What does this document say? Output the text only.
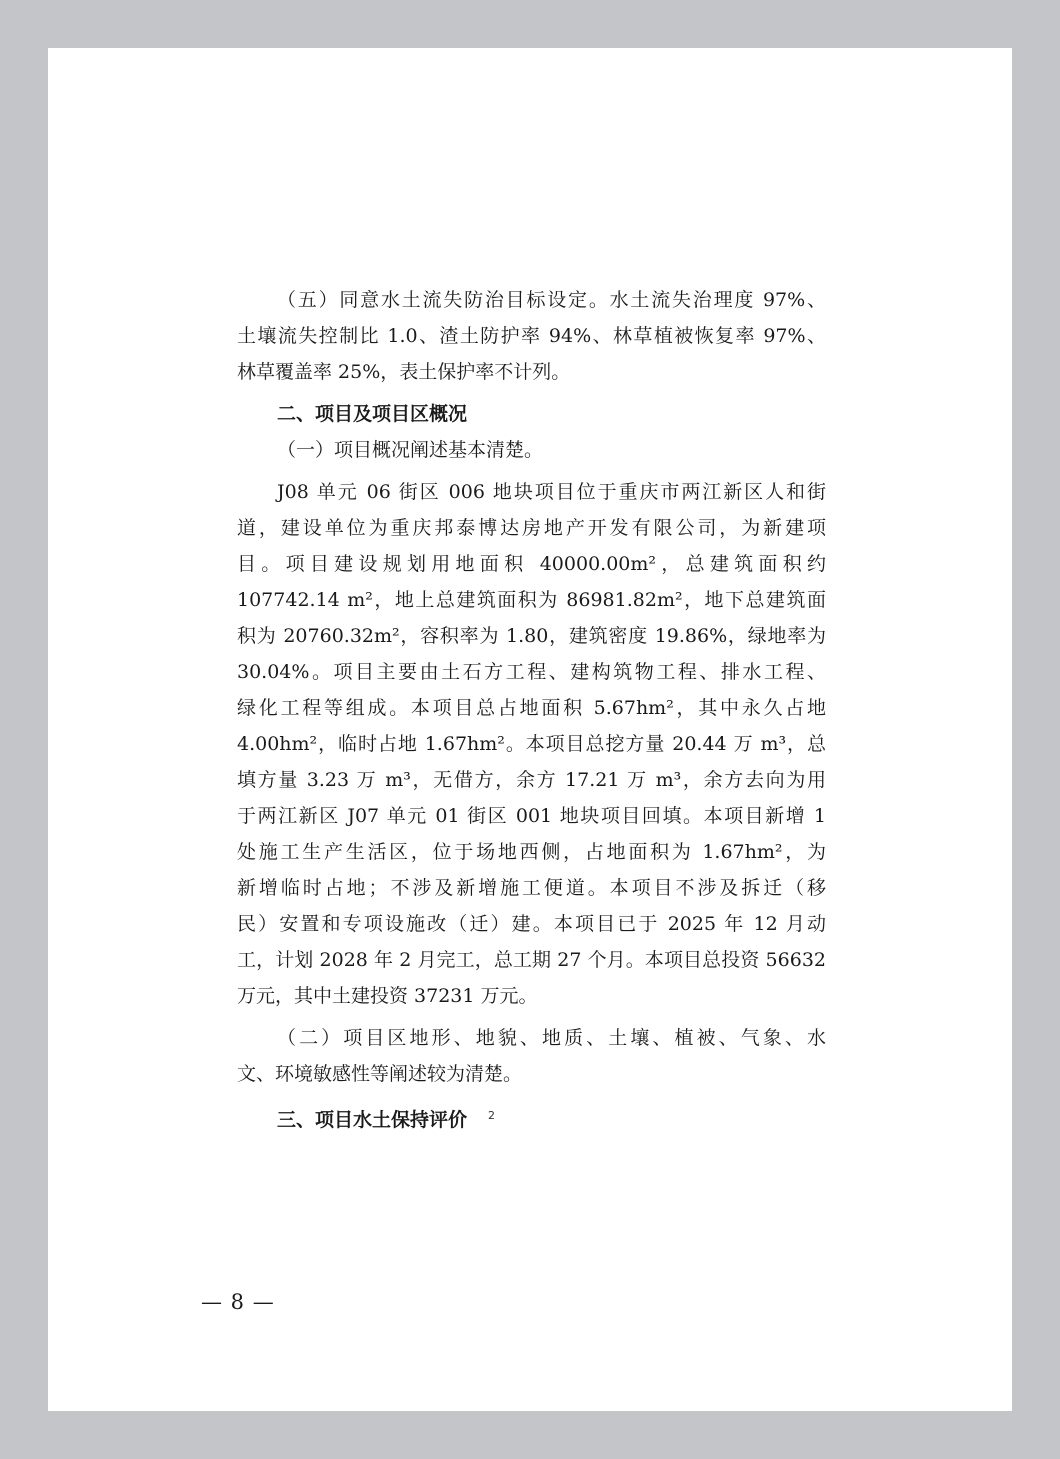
（五）同意水土流失防治目标设定。水土流失治理度 97%、
土壤流失控制比 1.0、渣土防护率 94%、林草植被恢复率 97%、
林草覆盖率 25%，表土保护率不计列。
二、项目及项目区概况
（一）项目概况阐述基本清楚。
J08 单元 06 街区 006 地块项目位于重庆市两江新区人和街
道，建设单位为重庆邦泰博达房地产开发有限公司，为新建项
目。项目建设规划用地面积 40000.00m²，总建筑面积约
107742.14 m²，地上总建筑面积为 86981.82m²，地下总建筑面
积为 20760.32m²，容积率为 1.80，建筑密度 19.86%，绿地率为
30.04%。项目主要由土石方工程、建构筑物工程、排水工程、
绿化工程等组成。本项目总占地面积 5.67hm²，其中永久占地
4.00hm²，临时占地 1.67hm²。本项目总挖方量 20.44 万 m³，总
填方量 3.23 万 m³，无借方，余方 17.21 万 m³，余方去向为用
于两江新区 J07 单元 01 街区 001 地块项目回填。本项目新增 1
处施工生产生活区，位于场地西侧，占地面积为 1.67hm²，为
新增临时占地；不涉及新增施工便道。本项目不涉及拆迁（移
民）安置和专项设施改（迁）建。本项目已于 2025 年 12 月动
工，计划 2028 年 2 月完工，总工期 27 个月。本项目总投资 56632
万元，其中土建投资 37231 万元。
（二）项目区地形、地貌、地质、土壤、植被、气象、水
文、环境敏感性等阐述较为清楚。
三、项目水土保持评价	2
— 8 —
